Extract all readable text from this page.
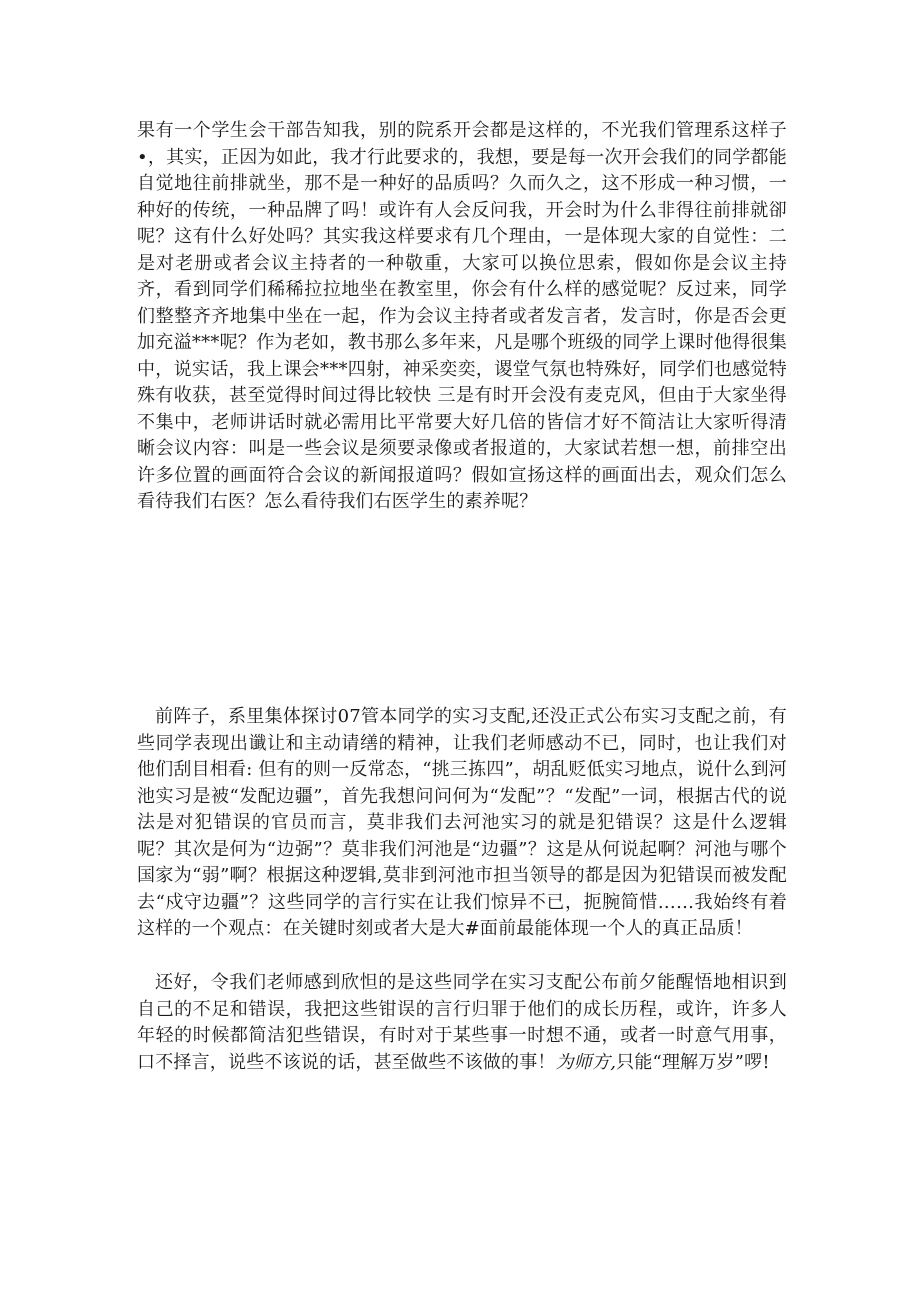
果有一个学生会干部告知我，别的院系开会都是这样的，不光我们管理系这样子•，其实，正因为如此，我才行此要求的，我想，要是每一次开会我们的同学都能自觉地往前排就坐，那不是一种好的品质吗？久而久之，这不形成一种习惯，一种好的传统，一种品牌了吗！或许有人会反问我，开会时为什么非得往前排就卻呢？这有什么好处吗？其实我这样要求有几个理由，一是体现大家的自觉性：二是对老册或者会议主持者的一种敬重，大家可以换位思索，假如你是会议主持齐，看到同学们稀稀拉拉地坐在教室里，你会有什么样的感觉呢？反过来，同学们整整齐齐地集中坐在一起，作为会议主持者或者发言者，发言时，你是否会更加充溢***呢？作为老如，教书那么多年来，凡是哪个班级的同学上课时他得很集中，说实话，我上课会***四射，神采奕奕，谡堂气氛也特殊好，同学们也感觉特殊有收获，甚至觉得时间过得比较快 三是有时开会没有麦克风，但由于大家坐得不集中，老师讲话时就必需用比平常要大好几倍的皆信才好不简洁让大家听得清晰会议内容：叫是一些会议是须要录像或者报道的，大家试若想一想，前排空出许多位置的画面符合会议的新闻报道吗？假如宣扬这样的画面出去，观众们怎么看待我们右医？怎么看待我们右医学生的素养呢？

前阵子，系里集体探讨07管本同学的实习支配,还没正式公布实习支配之前，有些同学表现出谶让和主动请缮的精神，让我们老师感动不已，同时，也让我们对他们刮目相看: 但有的则一反常态，“挑三拣四”，胡乱贬低实习地点，说什么到河池实习是被“发配边疆”，首先我想问问何为“发配”？“发配”一词，根据古代的说法是对犯错误的官员而言，莫非我们去河池实习的就是犯错误？这是什么逻辑呢？其次是何为“边弼”？莫非我们河池是“边疆”？这是从何说起啊？河池与哪个国家为“弱”啊？根据这种逻辑,莫非到河池市担当领导的都是因为犯错误而被发配去“戍守边疆”？这些同学的言行实在让我们惊异不已，扼腕简惜……我始终有着这样的一个观点：在关键时刻或者大是大#面前最能体现一个人的真正品质！

还好，令我们老师感到欣怛的是这些同学在实习支配公布前夕能醒悟地相识到自己的不足和错误，我把这些钳误的言行归罪于他们的成长历程，或许，许多人年轻的时候都简洁犯些错误，有时对于某些事一时想不通，或者一时意气用事，口不择言，说些不该说的话，甚至做些不该做的事！为师方,只能“理解万岁”啰!
